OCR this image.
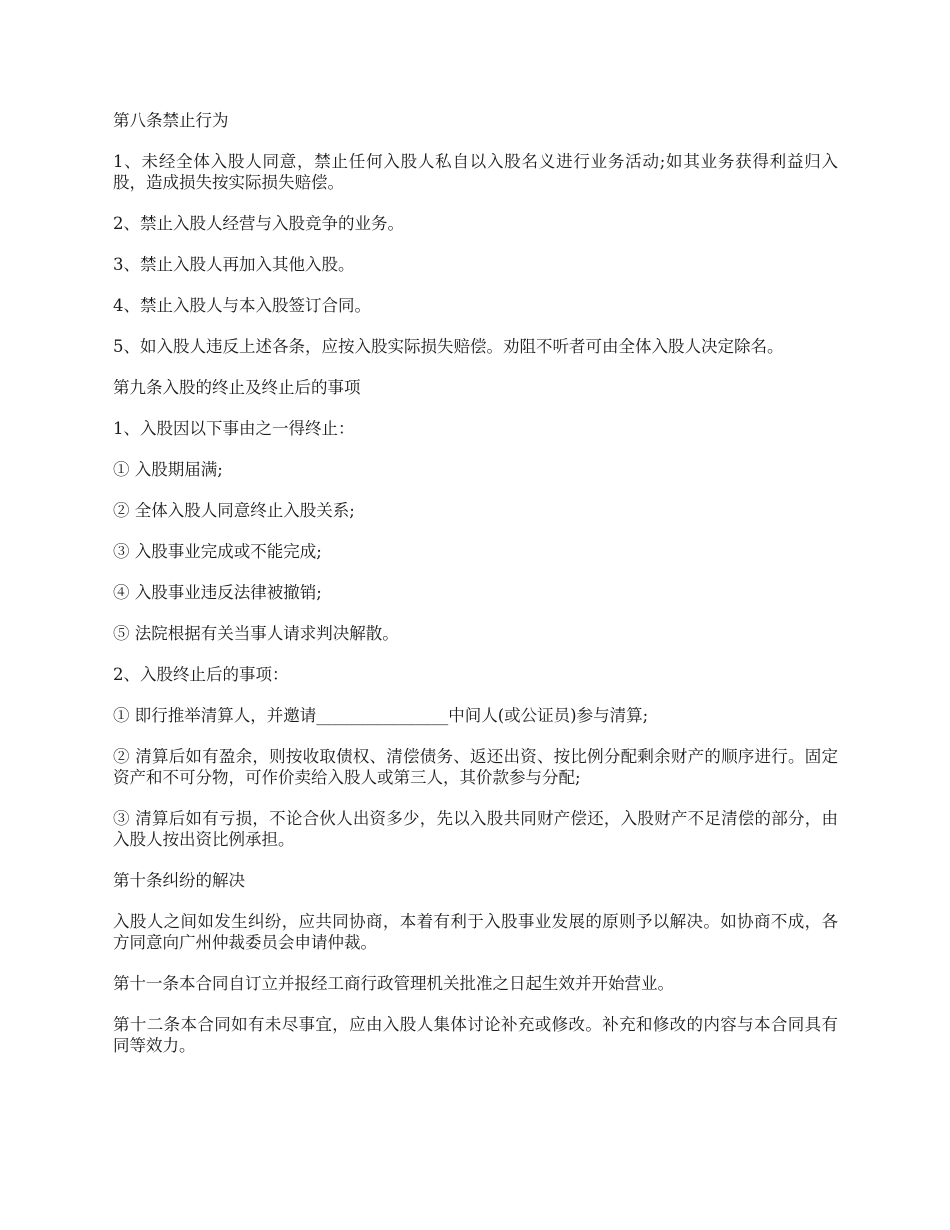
第八条禁止行为

1、未经全体入股人同意，禁止任何入股人私自以入股名义进行业务活动;如其业务获得利益归入股，造成损失按实际损失赔偿。

2、禁止入股人经营与入股竞争的业务。

3、禁止入股人再加入其他入股。

4、禁止入股人与本入股签订合同。

5、如入股人违反上述各条，应按入股实际损失赔偿。劝阻不听者可由全体入股人决定除名。

第九条入股的终止及终止后的事项

1、入股因以下事由之一得终止：

① 入股期届满;

② 全体入股人同意终止入股关系;

③ 入股事业完成或不能完成;

④ 入股事业违反法律被撤销;

⑤ 法院根据有关当事人请求判决解散。

2、入股终止后的事项：

① 即行推举清算人，并邀请________________中间人(或公证员)参与清算;

② 清算后如有盈余，则按收取债权、清偿债务、返还出资、按比例分配剩余财产的顺序进行。固定资产和不可分物，可作价卖给入股人或第三人，其价款参与分配;

③ 清算后如有亏损，不论合伙人出资多少，先以入股共同财产偿还，入股财产不足清偿的部分，由入股人按出资比例承担。

第十条纠纷的解决

入股人之间如发生纠纷，应共同协商，本着有利于入股事业发展的原则予以解决。如协商不成，各方同意向广州仲裁委员会申请仲裁。

第十一条本合同自订立并报经工商行政管理机关批准之日起生效并开始营业。

第十二条本合同如有未尽事宜，应由入股人集体讨论补充或修改。补充和修改的内容与本合同具有同等效力。
